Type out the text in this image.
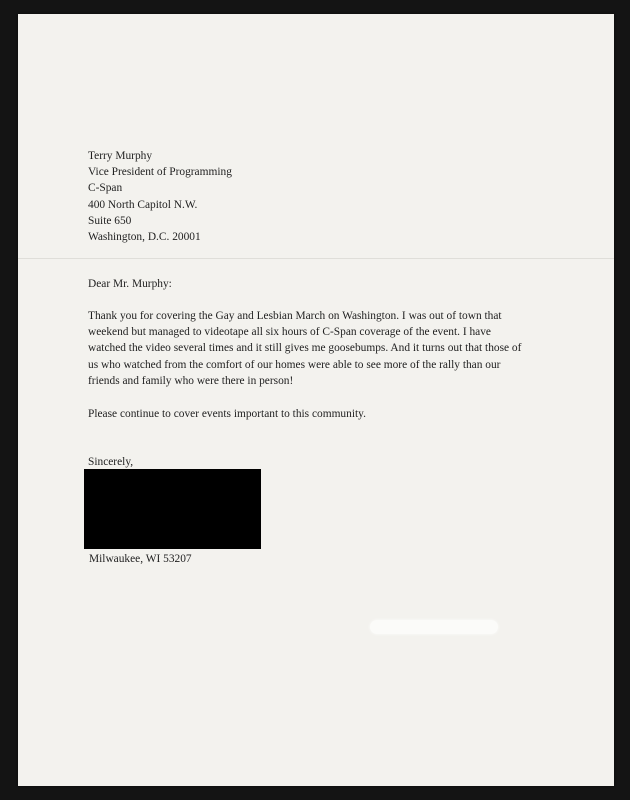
Terry Murphy
Vice President of Programming
C-Span
400 North Capitol N.W.
Suite 650
Washington, D.C. 20001
Dear Mr. Murphy:
Thank you for covering the Gay and Lesbian March on Washington. I was out of town that
weekend but managed to videotape all six hours of C-Span coverage of the event. I have
watched the video several times and it still gives me goosebumps. And it turns out that those of
us who watched from the comfort of our homes were able to see more of the rally than our
friends and family who were there in person!
Please continue to cover events important to this community.
Sincerely,
Milwaukee, WI 53207
